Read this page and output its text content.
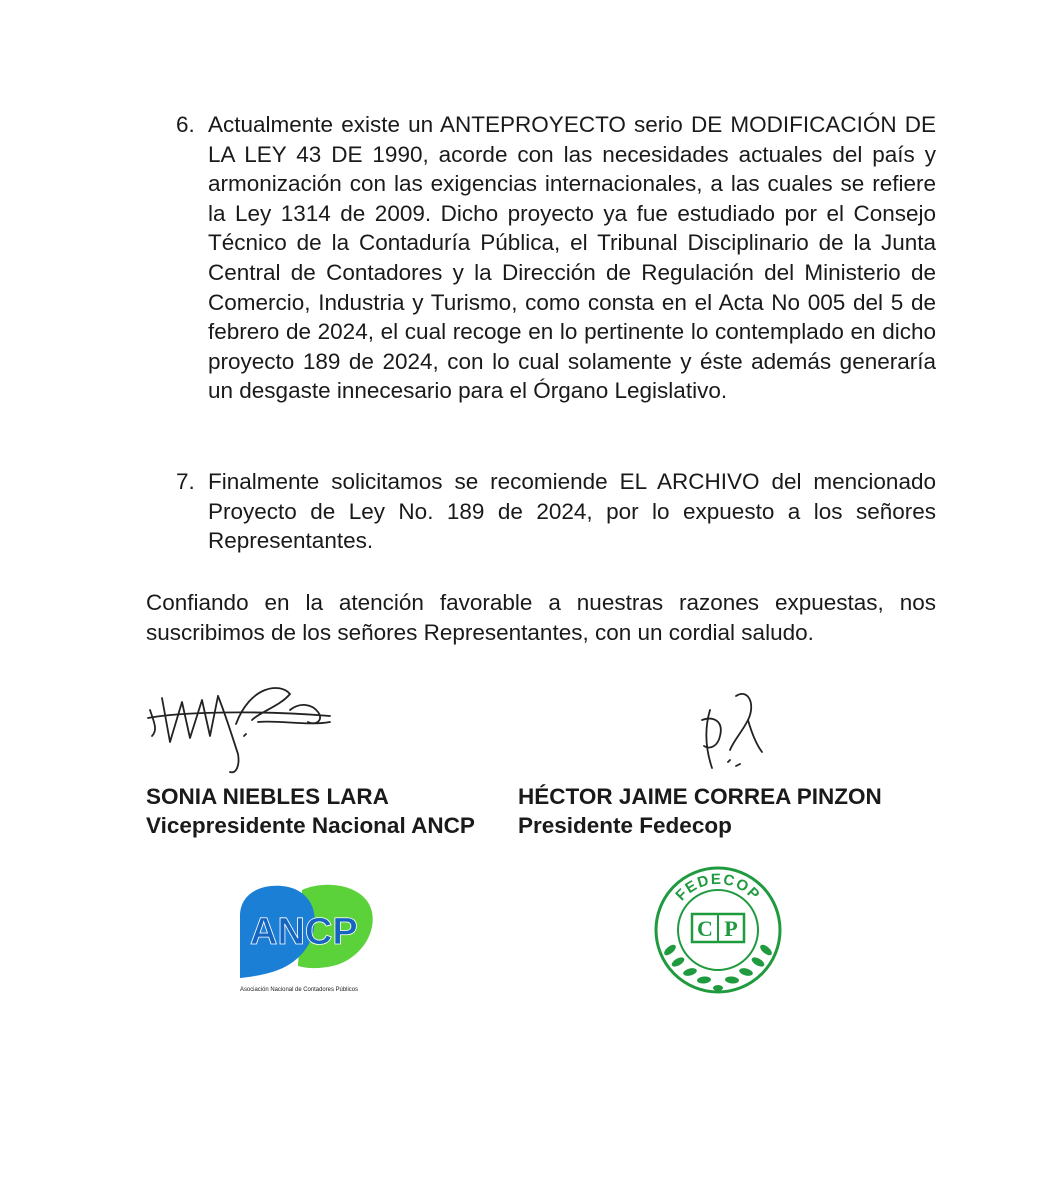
6. Actualmente existe un ANTEPROYECTO serio DE MODIFICACIÓN DE LA LEY 43 DE 1990, acorde con las necesidades actuales del país y armonización con las exigencias internacionales, a las cuales se refiere la Ley 1314 de 2009. Dicho proyecto ya fue estudiado por el Consejo Técnico de la Contaduría Pública, el Tribunal Disciplinario de la Junta Central de Contadores y la Dirección de Regulación del Ministerio de Comercio, Industria y Turismo, como consta en el Acta No 005 del 5 de febrero de 2024, el cual recoge en lo pertinente lo contemplado en dicho proyecto 189 de 2024, con lo cual solamente y éste además generaría un desgaste innecesario para el Órgano Legislativo.
7. Finalmente solicitamos se recomiende EL ARCHIVO del mencionado Proyecto de Ley No. 189 de 2024, por lo expuesto a los señores Representantes.
Confiando en la atención favorable a nuestras razones expuestas, nos suscribimos de los señores Representantes, con un cordial saludo.
SONIA NIEBLES LARA
Vicepresidente Nacional ANCP
HÉCTOR JAIME CORREA PINZON
Presidente Fedecop
ANCP
Asociación Nacional de Contadores Públicos
FEDECOP
C P
